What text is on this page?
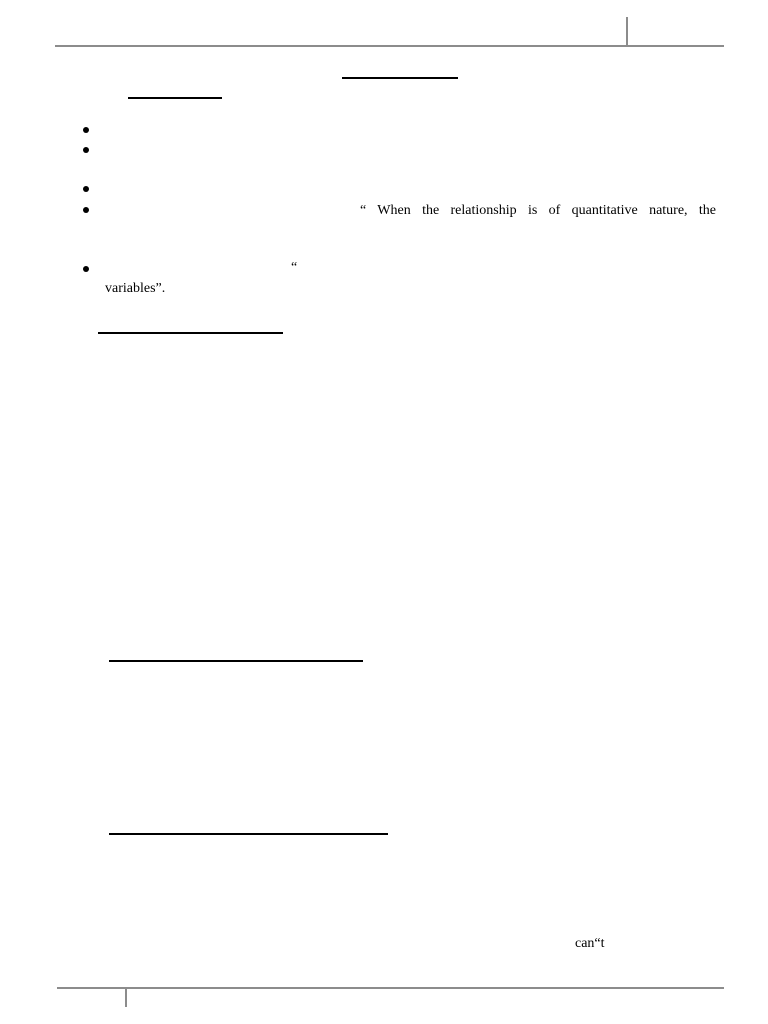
“ When the relationship is of quantitative nature, the
“
variables”.
can“t
